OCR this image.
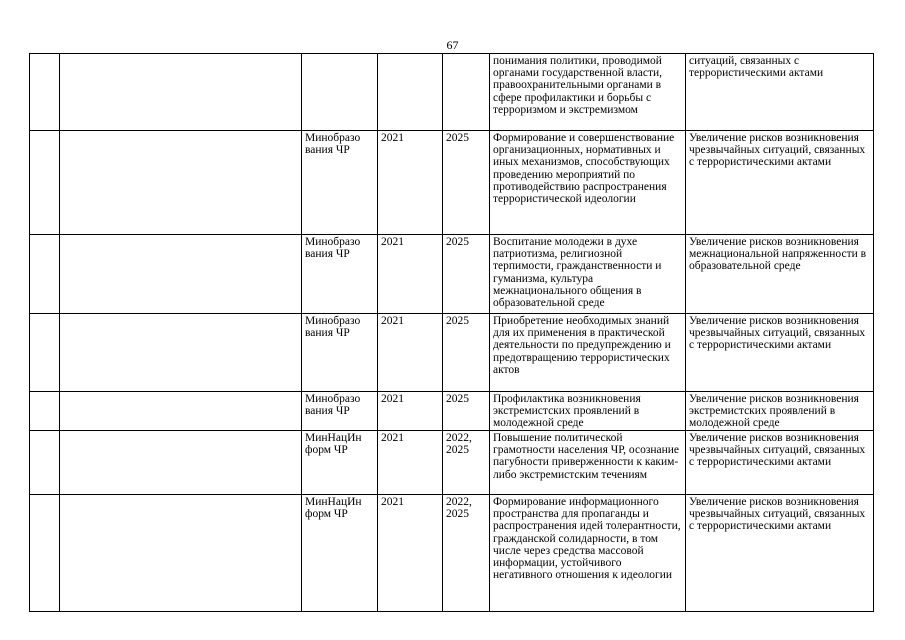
67
					понимания политики, проводимой органами государственной власти, правоохранительными органами в сфере профилактики и борьбы с терроризмом и экстремизмом	ситуаций, связанных с террористическими актами
		Минобразо вания ЧР	2021	2025	Формирование и совершенствование организационных, нормативных и иных механизмов, способствующих проведению мероприятий по противодействию распространения террористической идеологии	Увеличение рисков возникновения чрезвычайных ситуаций, связанных с террористическими актами
		Минобразо вания ЧР	2021	2025	Воспитание молодежи в духе патриотизма, религиозной терпимости, гражданственности и гуманизма, культура межнационального общения в образовательной среде	Увеличение рисков возникновения межнациональной напряженности в образовательной среде
		Минобразо вания ЧР	2021	2025	Приобретение необходимых знаний для их применения в практической деятельности по предупреждению и предотвращению террористических актов	Увеличение рисков возникновения чрезвычайных ситуаций, связанных с террористическими актами
		Минобразо вания ЧР	2021	2025	Профилактика возникновения экстремистских проявлений в молодежной среде	Увеличение рисков возникновения экстремистских проявлений в молодежной среде
		МинНацИн форм ЧР	2021	2022, 2025	Повышение политической грамотности населения ЧР, осознание пагубности приверженности к каким-либо экстремистским течениям	Увеличение рисков возникновения чрезвычайных ситуаций, связанных с террористическими актами
		МинНацИн форм ЧР	2021	2022, 2025	Формирование информационного пространства для пропаганды и распространения идей толерантности, гражданской солидарности, в том числе через средства массовой информации, устойчивого негативного отношения к идеологии	Увеличение рисков возникновения чрезвычайных ситуаций, связанных с террористическими актами
